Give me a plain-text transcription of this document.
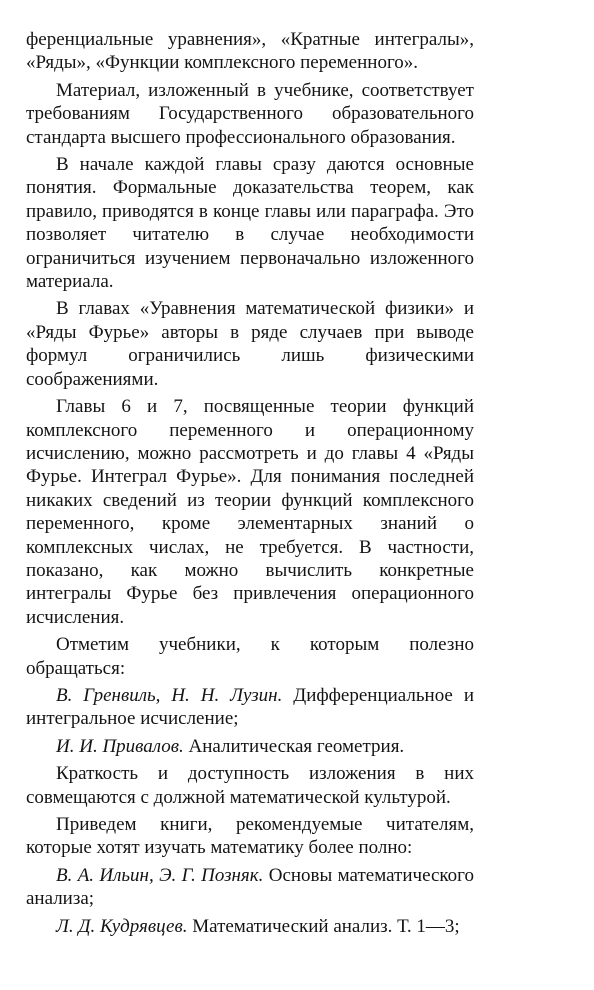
ференциальные уравнения», «Кратные интегралы», «Ряды», «Функции комплексного переменного».

Материал, изложенный в учебнике, соответствует требованиям Государственного образовательного стандарта высшего профессионального образования.

В начале каждой главы сразу даются основные понятия. Формальные доказательства теорем, как правило, приводятся в конце главы или параграфа. Это позволяет читателю в случае необходимости ограничиться изучением первоначально изложенного материала.

В главах «Уравнения математической физики» и «Ряды Фурье» авторы в ряде случаев при выводе формул ограничились лишь физическими соображениями.

Главы 6 и 7, посвященные теории функций комплексного переменного и операционному исчислению, можно рассмотреть и до главы 4 «Ряды Фурье. Интеграл Фурье». Для понимания последней никаких сведений из теории функций комплексного переменного, кроме элементарных знаний о комплексных числах, не требуется. В частности, показано, как можно вычислить конкретные интегралы Фурье без привлечения операционного исчисления.

Отметим учебники, к которым полезно обращаться:

В. Гренвиль, Н. Н. Лузин. Дифференциальное и интегральное исчисление;

И. И. Привалов. Аналитическая геометрия.

Краткость и доступность изложения в них совмещаются с должной математической культурой.

Приведем книги, рекомендуемые читателям, которые хотят изучать математику более полно:

В. А. Ильин, Э. Г. Позняк. Основы математического анализа;

Л. Д. Кудрявцев. Математический анализ. Т. 1—3;
